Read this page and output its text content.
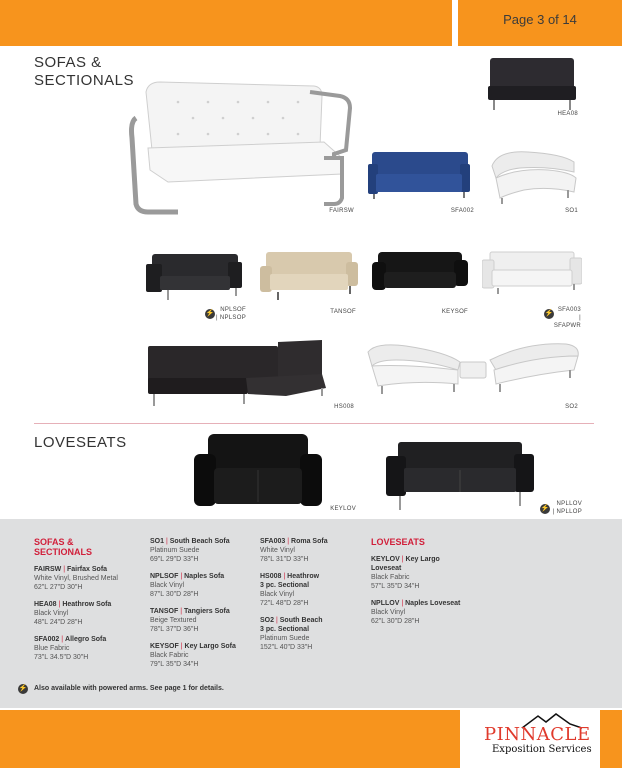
Page 3 of 14
SOFAS &
SECTIONALS
LOVESEATS
FAIRSW
HEA08
SFA002	SO1
⚡ NPLSOF
| NPLSOP
TANSOF	KEYSOF	⚡ SFA003
| SFAPWR
HS008	SO2
KEYLOV	⚡
NPLLOV
| NPLLOP
SOFAS &
SECTIONALS
FAIRSW | Fairfax Sofa
White Vinyl, Brushed Metal
62"L 27"D 30"H
HEA08 | Heathrow Sofa
Black Vinyl
48"L 24"D 28"H
SFA002 | Allegro Sofa
Blue Fabric
73"L 34.5"D 30"H
SO1 | South Beach Sofa
Platinum Suede
69"L 29"D 33"H
NPLSOF | Naples Sofa
Black Vinyl
87"L 30"D 28"H
TANSOF | Tangiers Sofa
Beige Textured
78"L 37"D 36"H
KEYSOF | Key Largo Sofa
Black Fabric
79"L 35"D 34"H
SFA003 | Roma Sofa
White Vinyl
78"L 31"D 33"H
HS008 | Heathrow
3 pc. Sectional
Black Vinyl
72"L 48"D 28"H
SO2 | South Beach
3 pc. Sectional
Platinum Suede
152"L 40"D 33"H
LOVESEATS
KEYLOV | Key Largo
Loveseat
Black Fabric
57"L 35"D 34"H
NPLLOV | Naples Loveseat
Black Vinyl
62"L 30"D 28"H
⚡ Also available with powered arms. See page 1 for details.
PINNACLE
Exposition Services
